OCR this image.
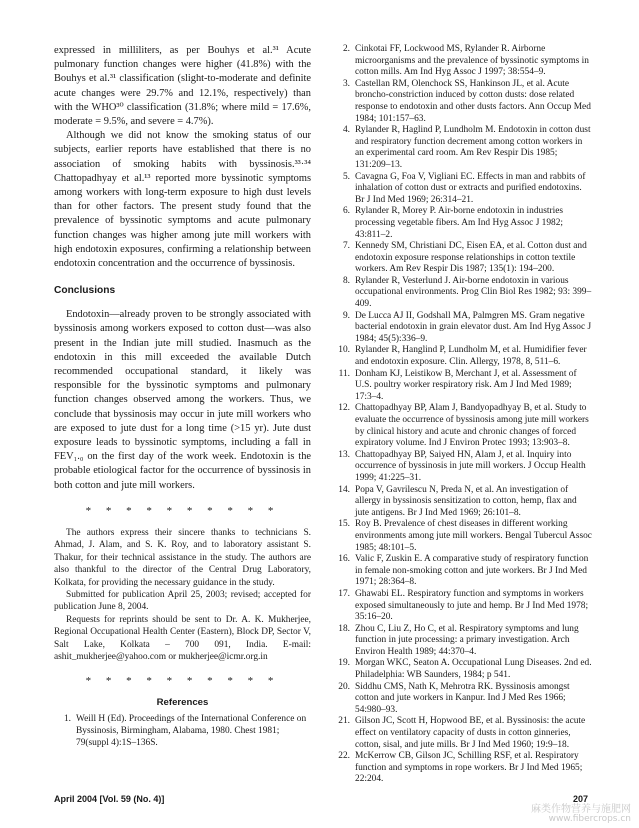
expressed in milliliters, as per Bouhys et al.³¹ Acute pulmonary function changes were higher (41.8%) with the Bouhys et al.³¹ classification (slight-to-moderate and definite acute changes were 29.7% and 12.1%, respectively) than with the WHO³⁰ classification (31.8%; where mild = 17.6%, moderate = 9.5%, and severe = 4.7%).

Although we did not know the smoking status of our subjects, earlier reports have established that there is no association of smoking habits with byssinosis.³³·³⁴ Chattopadhyay et al.¹³ reported more byssinotic symptoms among workers with long-term exposure to high dust levels than for other factors. The present study found that the prevalence of byssinotic symptoms and acute pulmonary function changes was higher among jute mill workers with high endotoxin exposures, confirming a relationship between endotoxin concentration and the occurrence of byssinosis.

Conclusions

Endotoxin—already proven to be strongly associated with byssinosis among workers exposed to cotton dust—was also present in the Indian jute mill studied. Inasmuch as the endotoxin in this mill exceeded the available Dutch recommended occupational standard, it likely was responsible for the byssinotic symptoms and pulmonary function changes observed among the workers. Thus, we conclude that byssinosis may occur in jute mill workers who are exposed to jute dust for a long time (>15 yr). Jute dust exposure leads to byssinotic symptoms, including a fall in FEV₁.₀ on the first day of the work week. Endotoxin is the probable etiological factor for the occurrence of byssinosis in both cotton and jute mill workers.

* * * * * * * * * *

The authors express their sincere thanks to technicians S. Ahmad, J. Alam, and S. K. Roy, and to laboratory assistant S. Thakur, for their technical assistance in the study. The authors are also thankful to the director of the Central Drug Laboratory, Kolkata, for providing the necessary guidance in the study.

Submitted for publication April 25, 2003; revised; accepted for publication June 8, 2004.

Requests for reprints should be sent to Dr. A. K. Mukherjee, Regional Occupational Health Center (Eastern), Block DP, Sector V, Salt Lake, Kolkata – 700 091, India. E-mail: ashit_mukherjee@yahoo.com or mukherjee@icmr.org.in

* * * * * * * * * *
References
1. Weill H (Ed). Proceedings of the International Conference on Byssinosis, Birmingham, Alabama, 1980. Chest 1981; 79(suppl 4):1S–136S.
2. Cinkotai FF, Lockwood MS, Rylander R. Airborne microorganisms and the prevalence of byssinotic symptoms in cotton mills. Am Ind Hyg Assoc J 1997; 38:554–9.
3. Castellan RM, Olenchock SS, Hankinson JL, et al. Acute broncho-constriction induced by cotton dusts: dose related response to endotoxin and other dusts factors. Ann Occup Med 1984; 101:157–63.
4. Rylander R, Haglind P, Lundholm M. Endotoxin in cotton dust and respiratory function decrement among cotton workers in an experimental card room. Am Rev Respir Dis 1985; 131:209–13.
5. Cavagna G, Foa V, Vigliani EC. Effects in man and rabbits of inhalation of cotton dust or extracts and purified endotoxins. Br J Ind Med 1969; 26:314–21.
6. Rylander R, Morey P. Air-borne endotoxin in industries processing vegetable fibers. Am Ind Hyg Assoc J 1982; 43:811–2.
7. Kennedy SM, Christiani DC, Eisen EA, et al. Cotton dust and endotoxin exposure response relationships in cotton textile workers. Am Rev Respir Dis 1987; 135(1): 194–200.
8. Rylander R, Vesterlund J. Air-borne endotoxin in various occupational environments. Prog Clin Biol Res 1982; 93: 399–409.
9. De Lucca AJ II, Godshall MA, Palmgren MS. Gram negative bacterial endotoxin in grain elevator dust. Am Ind Hyg Assoc J 1984; 45(5):336–9.
10. Rylander R, Hanglind P, Lundholm M, et al. Humidifier fever and endotoxin exposure. Clin. Allergy, 1978, 8, 511–6.
11. Donham KJ, Leistikow B, Merchant J, et al. Assessment of U.S. poultry worker respiratory risk. Am J Ind Med 1989; 17:3–4.
12. Chattopadhyay BP, Alam J, Bandyopadhyay B, et al. Study to evaluate the occurrence of byssinosis among jute mill workers by clinical history and acute and chronic changes of forced expiratory volume. Ind J Environ Protec 1993; 13:903–8.
13. Chattopadhyay BP, Saiyed HN, Alam J, et al. Inquiry into occurrence of byssinosis in jute mill workers. J Occup Health 1999; 41:225–31.
14. Popa V, Gavrilescu N, Preda N, et al. An investigation of allergy in byssinosis sensitization to cotton, hemp, flax and jute antigens. Br J Ind Med 1969; 26:101–8.
15. Roy B. Prevalence of chest diseases in different working environments among jute mill workers. Bengal Tubercul Assoc 1985; 48:101–5.
16. Valic F, Zuskin E. A comparative study of respiratory function in female non-smoking cotton and jute workers. Br J Ind Med 1971; 28:364–8.
17. Ghawabi EL. Respiratory function and symptoms in workers exposed simultaneously to jute and hemp. Br J Ind Med 1978; 35:16–20.
18. Zhou C, Liu Z, Ho C, et al. Respiratory symptoms and lung function in jute processing: a primary investigation. Arch Environ Health 1989; 44:370–4.
19. Morgan WKC, Seaton A. Occupational Lung Diseases. 2nd ed. Philadelphia: WB Saunders, 1984; p 541.
20. Siddhu CMS, Nath K, Mehrotra RK. Byssinosis amongst cotton and jute workers in Kanpur. Ind J Med Res 1966; 54:980–93.
21. Gilson JC, Scott H, Hopwood BE, et al. Byssinosis: the acute effect on ventilatory capacity of dusts in cotton ginneries, cotton, sisal, and jute mills. Br J Ind Med 1960; 19:9–18.
22. McKerrow CB, Gilson JC, Schilling RSF, et al. Respiratory function and symptoms in rope workers. Br J Ind Med 1965; 22:204.
April 2004 [Vol. 59 (No. 4)]	207
麻类作物营养与施肥网
www.fibercrops.cn
